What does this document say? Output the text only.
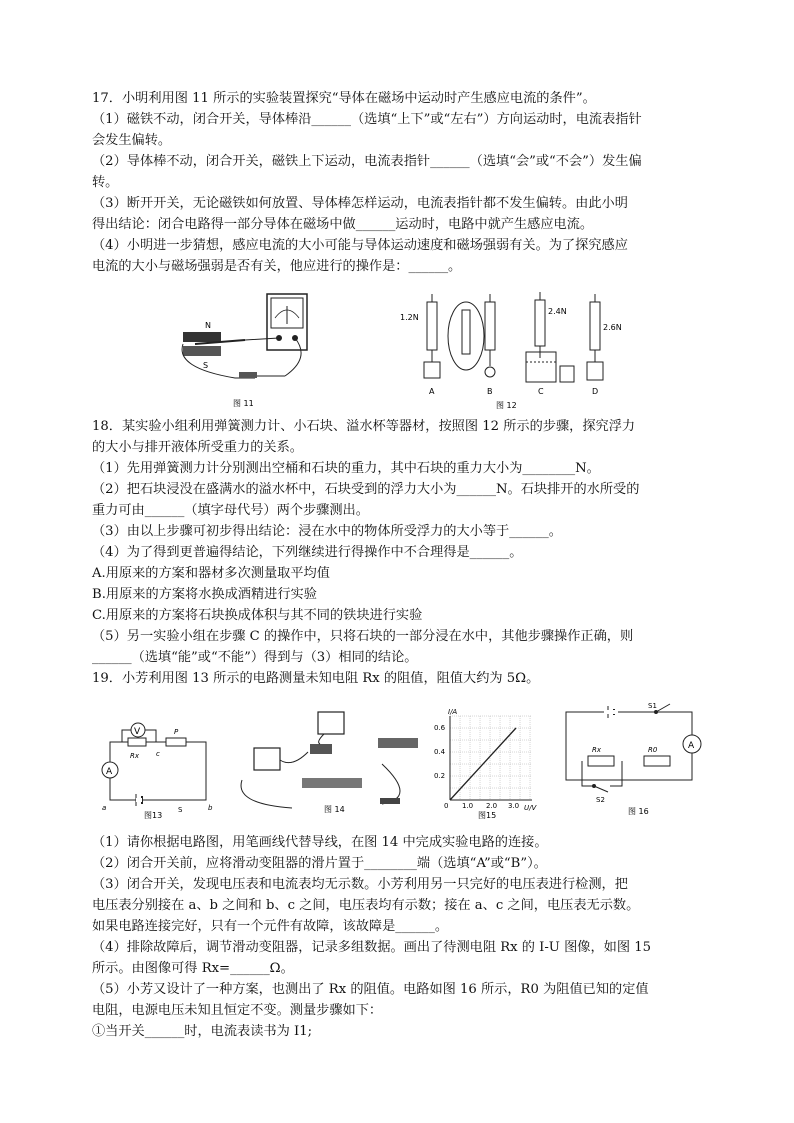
17．小明利用图 11 所示的实验装置探究“导体在磁场中运动时产生感应电流的条件”。

（1）磁铁不动，闭合开关，导体棒沿______（选填“上下”或“左右”）方向运动时，电流表指针

会发生偏转。

（2）导体棒不动，闭合开关，磁铁上下运动，电流表指针______（选填“会”或“不会”）发生偏

转。

（3）断开开关，无论磁铁如何放置、导体棒怎样运动，电流表指针都不发生偏转。由此小明

得出结论：闭合电路得一部分导体在磁场中做______运动时，电路中就产生感应电流。

（4）小明进一步猜想，感应电流的大小可能与导体运动速度和磁场强弱有关。为了探究感应

电流的大小与磁场强弱是否有关，他应进行的操作是：______。

N
S
图 11
1.2N
2.4N
2.6N
A	B	C	D
图 12

18．某实验小组利用弹簧测力计、小石块、溢水杯等器材，按照图 12 所示的步骤，探究浮力

的大小与排开液体所受重力的关系。

（1）先用弹簧测力计分别测出空桶和石块的重力，其中石块的重力大小为________N。

（2）把石块浸没在盛满水的溢水杯中，石块受到的浮力大小为______N。石块排开的水所受的

重力可由______（填字母代号）两个步骤测出。

（3）由以上步骤可初步得出结论：浸在水中的物体所受浮力的大小等于______。

（4）为了得到更普遍得结论，下列继续进行得操作中不合理得是______。

A.用原来的方案和器材多次测量取平均值

B.用原来的方案将水换成酒精进行实验

C.用原来的方案将石块换成体积与其不同的铁块进行实验

（5）另一实验小组在步骤 C 的操作中，只将石块的一部分浸在水中，其他步骤操作正确，则

______（选填“能”或“不能”）得到与（3）相同的结论。

19．小芳利用图 13 所示的电路测量未知电阻 Rx 的阻值，阻值大约为 5Ω。

A
V
Rx c
P
a	S	b
图13
图 14
I/A
U/V
0.6
0.4
0.2
0 1.0 2.0 3.0
图15
S1
A
Rx	R0
S2
图 16

（1）请你根据电路图，用笔画线代替导线，在图 14 中完成实验电路的连接。

（2）闭合开关前，应将滑动变阻器的滑片置于________端（选填“A”或“B”）。

（3）闭合开关，发现电压表和电流表均无示数。小芳利用另一只完好的电压表进行检测，把

电压表分别接在 a、b 之间和 b、c 之间，电压表均有示数；接在 a、c 之间，电压表无示数。

如果电路连接完好，只有一个元件有故障，该故障是______。

（4）排除故障后，调节滑动变阻器，记录多组数据。画出了待测电阻 Rx 的 I-U 图像，如图 15

所示。由图像可得 Rx=______Ω。

（5）小芳又设计了一种方案，也测出了 Rx 的阻值。电路如图 16 所示，R0 为阻值已知的定值

电阻，电源电压未知且恒定不变。测量步骤如下：

①当开关______时，电流表读书为 I1;
